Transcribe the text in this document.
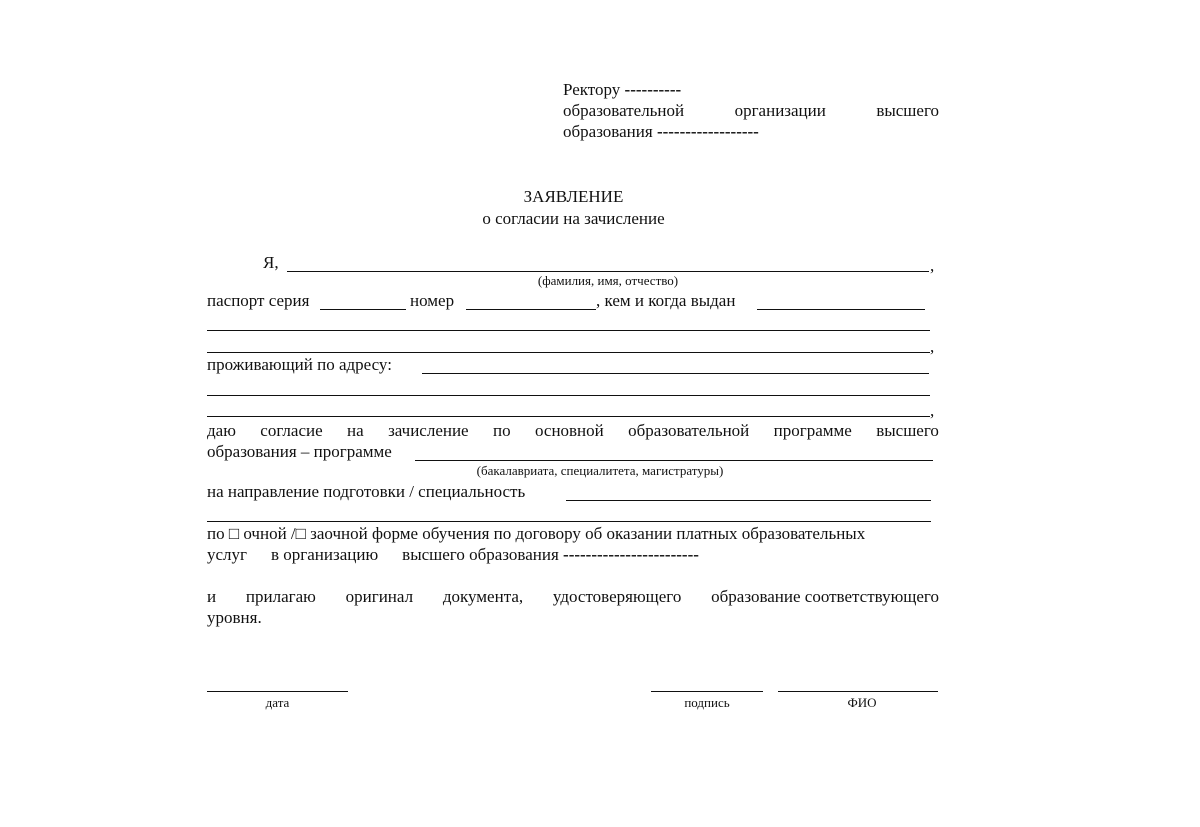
Ректору ----------
образовательной	организации	высшего
образования ------------------
ЗАЯВЛЕНИЕ
о согласии на зачисление
Я,	,
(фамилия, имя, отчество)
паспорт серия	номер	, кем и когда выдан
,
проживающий по адресу:
,
даю согласие на зачисление по основной образовательной программе высшего
образования – программе
(бакалавриата, специалитета, магистратуры)
на направление подготовки / специальность
по □ очной /□ заочной форме обучения по договору об оказании платных образовательных
услуг в организацию высшего образования ------------------------
и прилагаю оригинал документа, удостоверяющего образование соответствующего
уровня.
дата	подпись	ФИО
